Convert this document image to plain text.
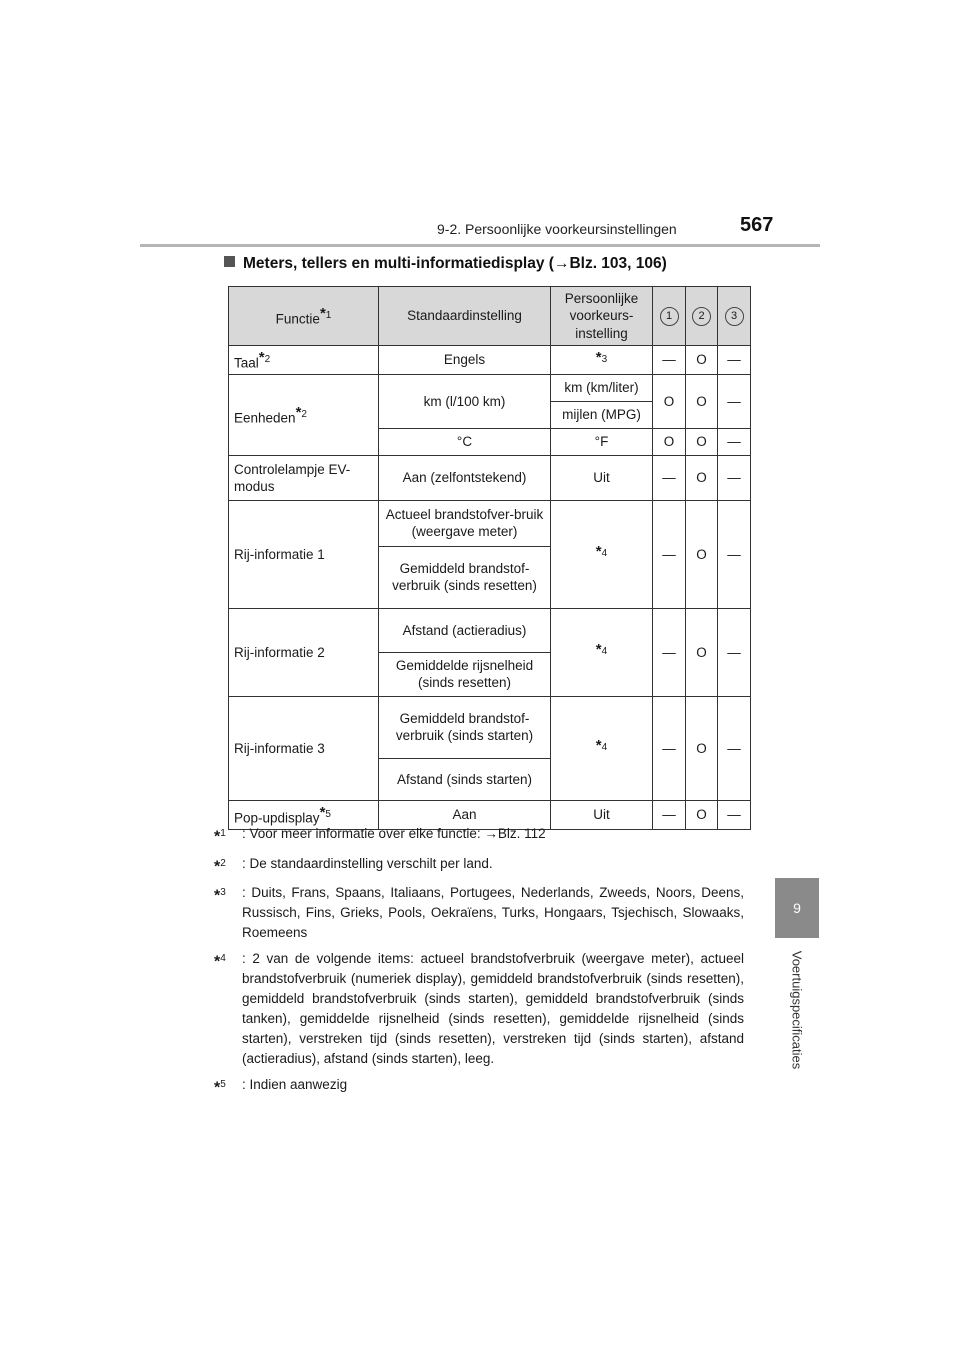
9-2. Persoonlijke voorkeursinstellingen	567
9
Voertuigspecificaties
Meters, tellers en multi-informatiedisplay (→Blz. 103, 106)
Functie$^{*1}$	Standaardinstelling	Persoonlijke voorkeurs-instelling	1	2	3
Taal$^{*2}$	Engels	$^{*3}$	—	O	—
Eenheden$^{*2}$	km (l/100 km)	km (km/liter)	O	O	—
		mijlen (MPG)			
	°C	°F	O	O	—
Controlelampje EV-modus	Aan (zelfontstekend)	Uit	—	O	—
Rij-informatie 1	Actueel brandstofver-bruik (weergave meter)	$^{*4}$	—	O	—
	Gemiddeld brandstof-verbruik (sinds resetten)				
Rij-informatie 2	Afstand (actieradius)	$^{*4}$	—	O	—
	Gemiddelde rijsnelheid (sinds resetten)				
Rij-informatie 3	Gemiddeld brandstof-verbruik (sinds starten)	$^{*4}$	—	O	—
	Afstand (sinds starten)				
Pop-updisplay$^{*5}$	Aan	Uit	—	O	—
*$^1$	: Voor meer informatie over elke functie: →Blz. 112
*$^2$	: De standaardinstelling verschilt per land.
*$^3$	: Duits, Frans, Spaans, Italiaans, Portugees, Nederlands, Zweeds, Noors, Deens, Russisch, Fins, Grieks, Pools, Oekraïens, Turks, Hongaars, Tsjechisch, Slowaaks, Roemeens
*$^4$	: 2 van de volgende items: actueel brandstofverbruik (weergave meter), actueel brandstofverbruik (numeriek display), gemiddeld brandstofverbruik (sinds resetten), gemiddeld brandstofverbruik (sinds starten), gemiddeld brandstofverbruik (sinds tanken), gemiddelde rijsnelheid (sinds resetten), gemiddelde rijsnelheid (sinds starten), verstreken tijd (sinds resetten), verstreken tijd (sinds starten), afstand (actieradius), afstand (sinds starten), leeg.
*$^5$	: Indien aanwezig
